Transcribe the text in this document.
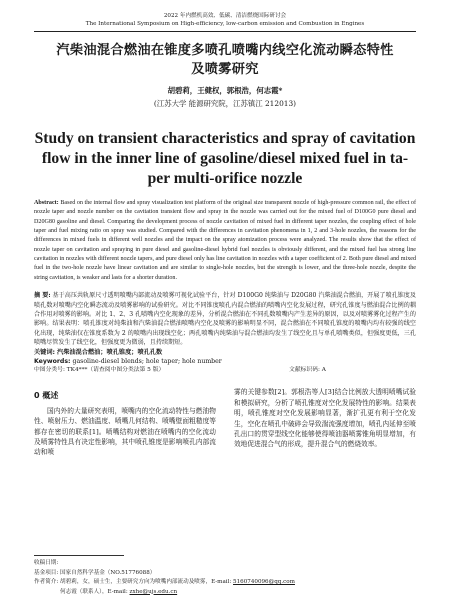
2022 年内燃机高效、低碳、清洁燃烧国际研讨会
The International Symposium on High-efficiency, low-carbon emission and Combustion in Engines
汽柴油混合燃油在锥度多喷孔喷嘴内线空化流动瞬态特性
及喷雾研究
胡碧莉，王健权，郭根浩，何志霞*
(江苏大学 能源研究院，江苏镇江 212013)
Study on transient characteristics and spray of cavitation
flow in the inner line of gasoline/diesel mixed fuel in ta-
per multi-orifice nozzle
Abstract: Based on the internal flow and spray visualization test platform of the original size transparent nozzle of high-pressure common rail, the effect of nozzle taper and nozzle number on the cavitation transient flow and spray in the nozzle was carried out for the mixed fuel of D100G0 pure diesel and D20G80 gasoline and diesel. Comparing the development process of nozzle cavitation of mixed fuel in different taper nozzles, the coupling effect of hole taper and fuel mixing ratio on spray was studied. Compared with the differences in cavitation phenomena in 1, 2 and 3-hole nozzles, the reasons for the differences in mixed fuels in different well nozzles and the impact on the spray atomization process were analyzed. The results show that the effect of nozzle taper on cavitation and spraying in pure diesel and gasoline-diesel hybrid fuel nozzles is obviously different, and the mixed fuel has strong line cavitation in nozzles with different nozzle tapers, and pure diesel only has line cavitation in nozzles with a taper coefficient of 2. Both pure diesel and mixed fuel in the two-hole nozzle have linear cavitation and are similar to single-hole nozzles, but the strength is lower, and the three-hole nozzle, despite the string cavitation, is weaker and lasts for a shorter duration.
摘 要: 基于高压共轨原尺寸透明喷嘴内部流动及喷雾可视化试验平台，针对 D100G0 纯柴油与 D20G80 汽柴油混合燃油，开展了喷孔锥度及喷孔数对喷嘴内空化瞬态流动及喷雾影响的试验研究。对比不同锥度喷孔内混合燃油的喷嘴内空化发展过程，研究孔锥度与燃油混合比例的耦合作用对喷雾的影响。对比 1、2、3 孔喷嘴内空化现象的差异，分析混合燃油在不同孔数喷嘴内产生差异的原因，以及对喷雾雾化过程产生的影响。结果表明：喷孔锥度对纯柴油和汽柴油混合燃油喷嘴内空化及喷雾的影响明显不同，混合燃油在不同喷孔锥度的喷嘴内均有较强的线空化出现，纯柴油仅在锥度系数为 2 的喷嘴内出现线空化；两孔喷嘴内纯柴油与混合燃油均发生了线空化且与单孔喷嘴类似，但强度更低，三孔喷嘴尽管发生了线空化，但强度更为微弱，且持续期短。
关键词: 汽柴油混合燃油；喷孔锥度；喷孔孔数
Keywords: gasoline-diesel blends; hole taper; hole number
中图分类号: TK4***（请查阅中图分类法第 5 版）	文献标识码: A
0 概述
国内外的大量研究表明，喷嘴内的空化流动特性与燃油物性、喷射压力、燃油温度、喷嘴几何结构、喷嘴壁面粗糙度等都存在密切的联系[1]。喷嘴结构对燃油在喷嘴内的空化流动及喷雾特性具有决定性影响，其中喷孔锥度是影响喷孔内部流动和喷
雾的关键参数[2]。郭根浩等人[3]结合比例放大透明喷嘴试验和模拟研究，分析了喷孔锥度对空化发展特性的影响。结果表明，喷孔锥度对空化发展影响显著，渐扩孔更有利于空化发生，空化在喷孔中破碎会导致湍流强度增加，喷孔内延伸至喷孔出口的贯穿型线空化能够使得喷油器喷雾锥角明显增加，有效地促进混合气的形成，提升混合气的燃烧效率。
收稿日期:
基金项目: 国家自然科学基金（NO.51776088）
作者简介: 胡碧莉，女，硕士生，主要研究方向为喷嘴内部流动及喷雾，E-mail: 5160740096@qq.com
何志霞（联系人），E-mail: zxhe@ujs.edu.cn
